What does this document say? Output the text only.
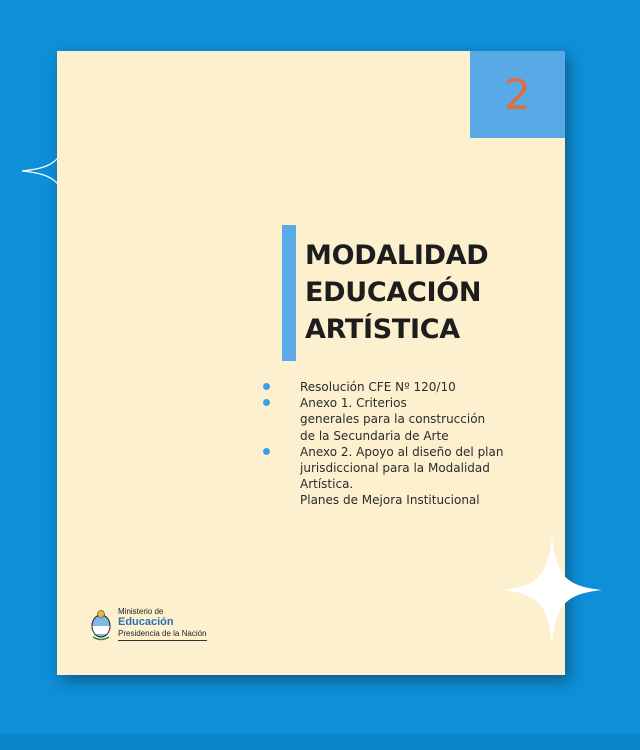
2
MODALIDAD
EDUCACIÓN
ARTÍSTICA
Resolución CFE Nº 120/10
Anexo 1. Criterios
generales para la construcción
de la Secundaria de Arte
Anexo 2. Apoyo al diseño del plan
jurisdiccional para la Modalidad
Artística.
Planes de Mejora Institucional
Ministerio de
Educación
Presidencia de la Nación
